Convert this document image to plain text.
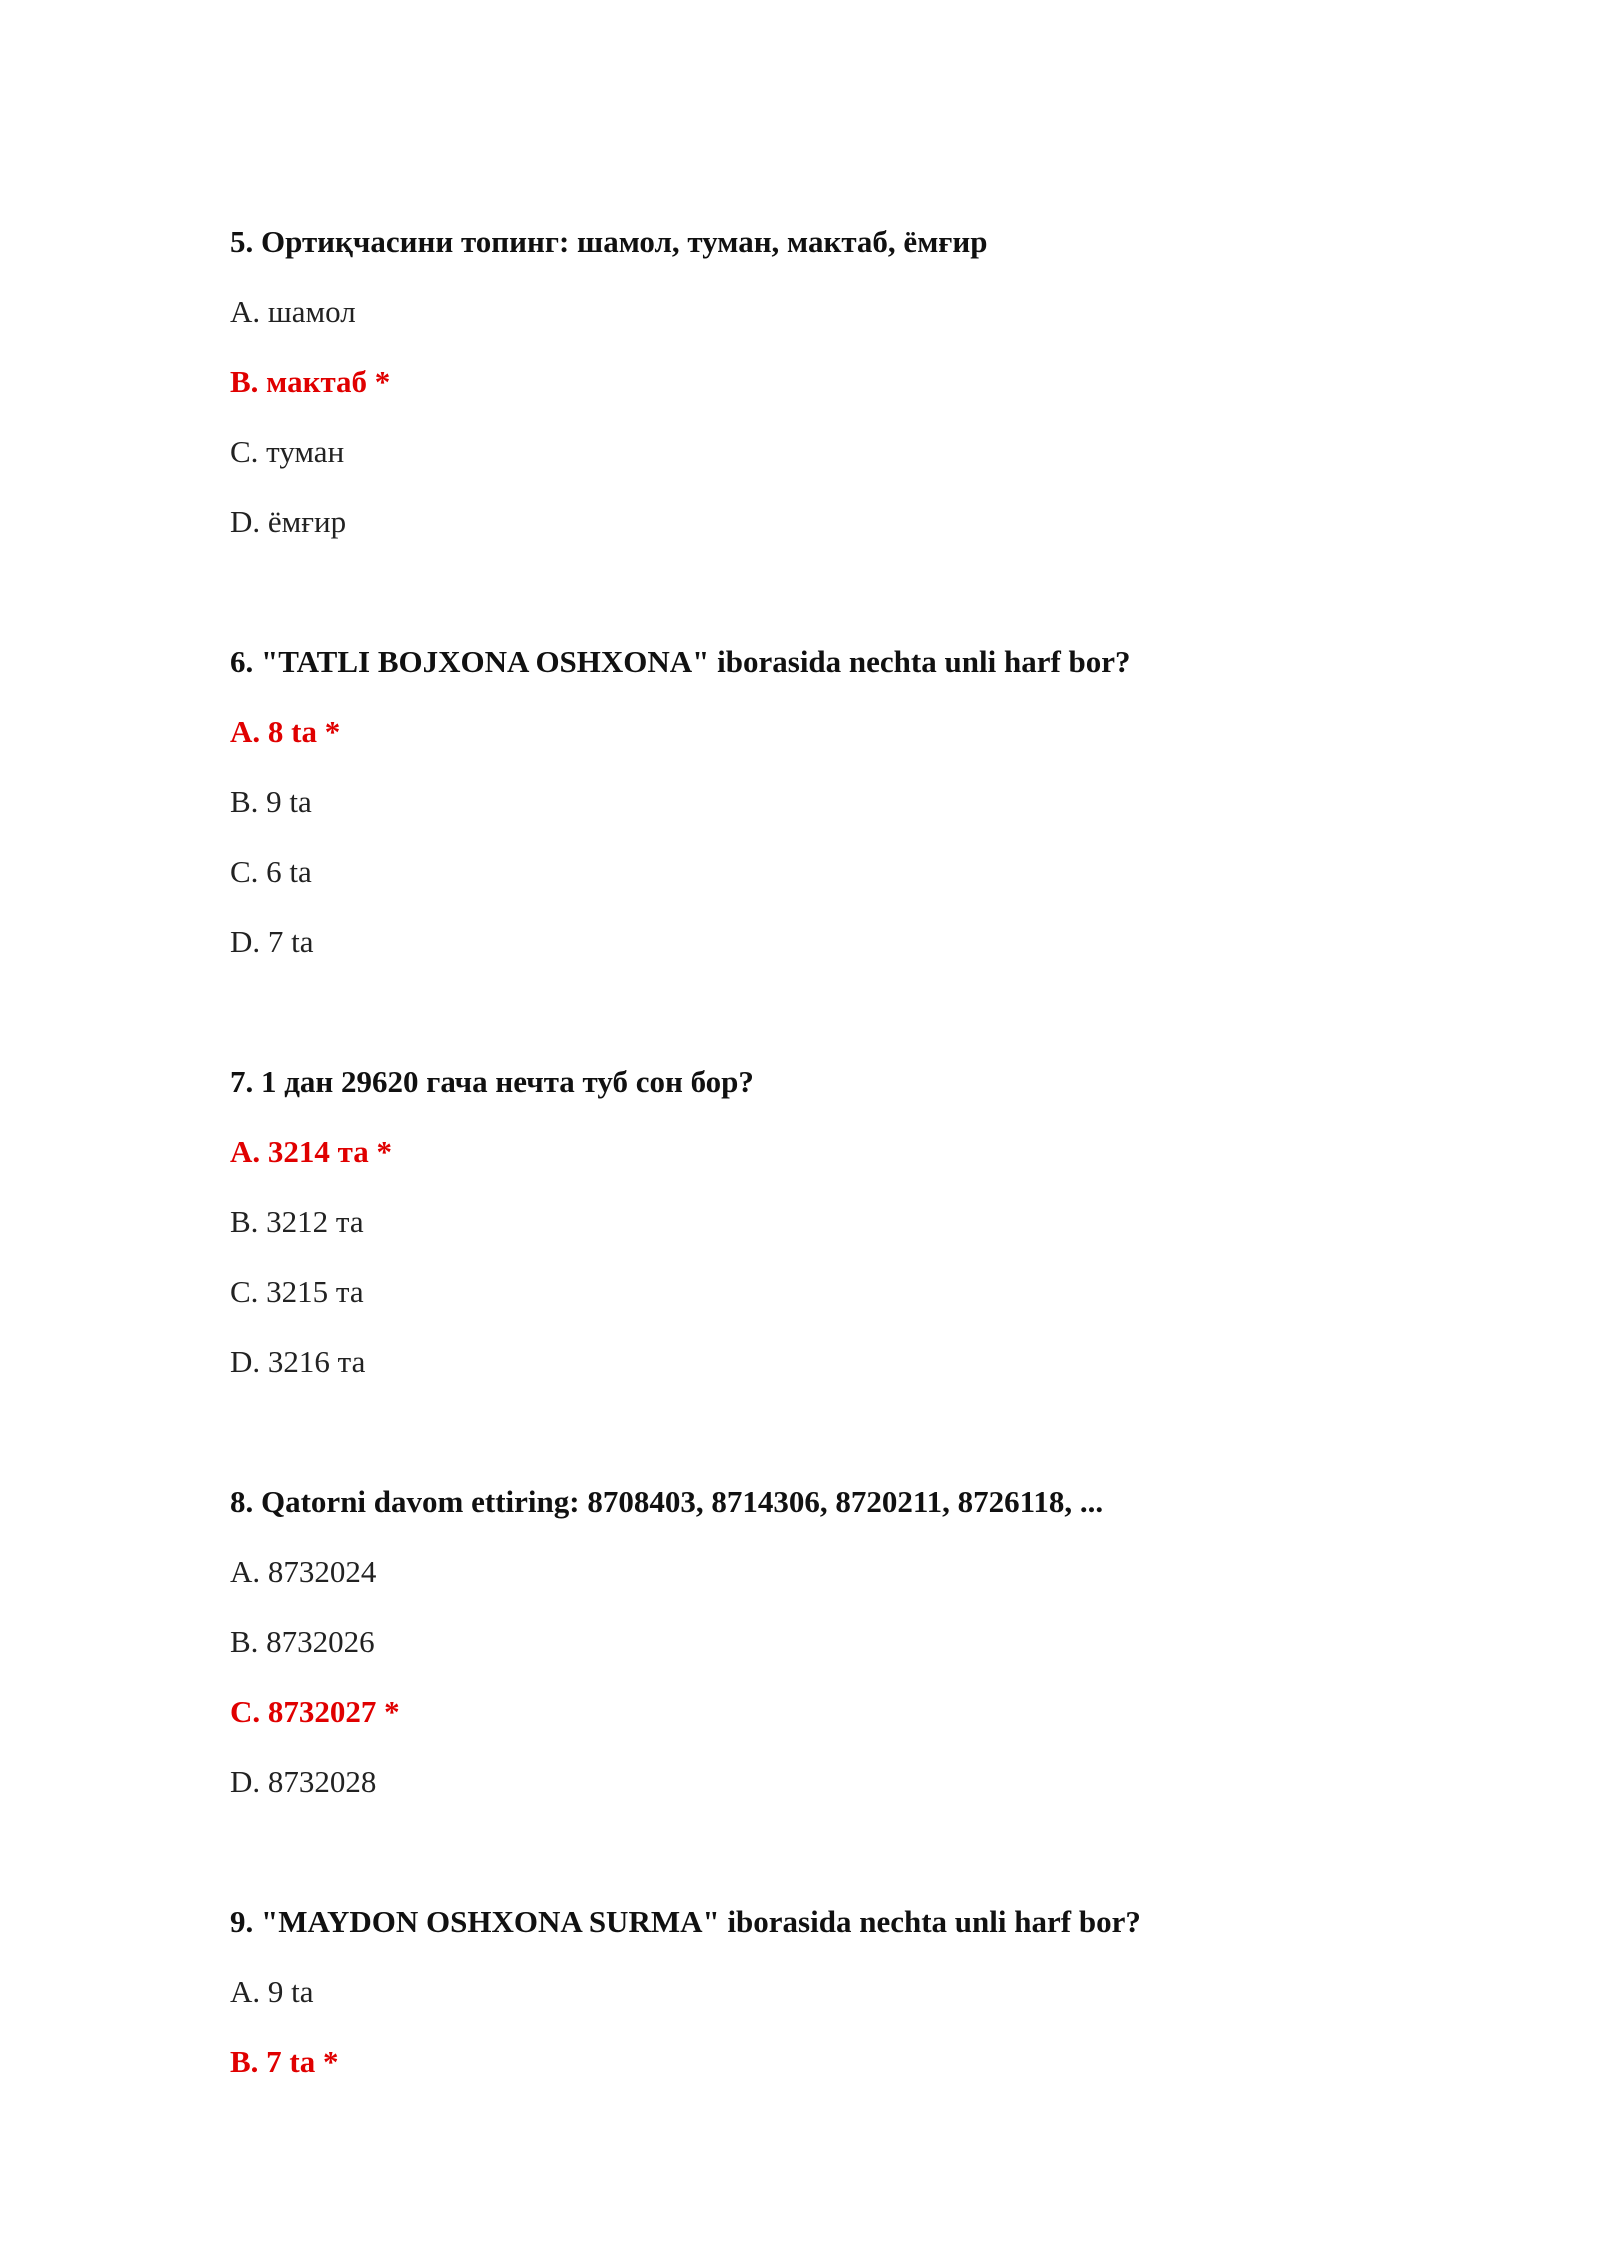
5. Ортиқчасини топинг: шамол, туман, мактаб, ёмғир
A. шамол
B. мактаб *
C. туман
D. ёмғир
6. "TATLI BOJXONA OSHXONA" iborasida nechta unli harf bor?
A. 8 ta *
B. 9 ta
C. 6 ta
D. 7 ta
7. 1 дан 29620 гача нечта туб сон бор?
A. 3214 та *
B. 3212 та
C. 3215 та
D. 3216 та
8. Qatorni davom ettiring: 8708403, 8714306, 8720211, 8726118, ...
A. 8732024
B. 8732026
C. 8732027 *
D. 8732028
9. "MAYDON OSHXONA SURMA" iborasida nechta unli harf bor?
A. 9 ta
B. 7 ta *
